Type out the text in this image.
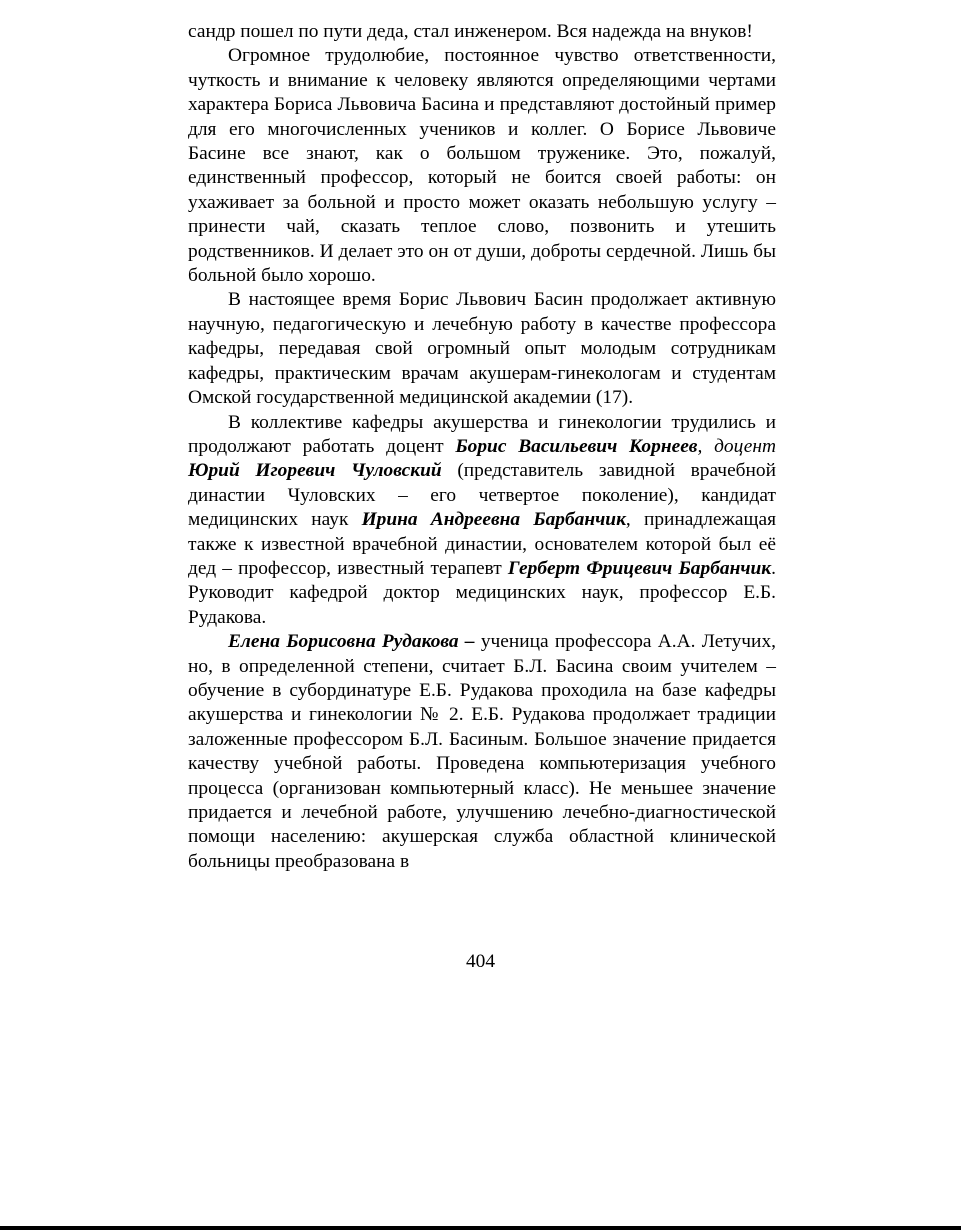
сандр пошел по пути деда, стал инженером. Вся надежда на внуков!

Огромное трудолюбие, постоянное чувство ответственности, чуткость и внимание к человеку являются определяющими чертами характера Бориса Львовича Басина и представляют достойный пример для его многочисленных учеников и коллег. О Борисе Львовиче Басине все знают, как о большом труженике. Это, пожалуй, единственный профессор, который не боится своей работы: он ухаживает за больной и просто может оказать небольшую услугу – принести чай, сказать теплое слово, позвонить и утешить родственников. И делает это он от души, доброты сердечной. Лишь бы больной было хорошо.

В настоящее время Борис Львович Басин продолжает активную научную, педагогическую и лечебную работу в качестве профессора кафедры, передавая свой огромный опыт молодым сотрудникам кафедры, практическим врачам акушерам-гинекологам и студентам Омской государственной медицинской академии (17).

В коллективе кафедры акушерства и гинекологии трудились и продолжают работать доцент Борис Васильевич Корнеев, доцент Юрий Игоревич Чуловский (представитель завидной врачебной династии Чуловских – его четвертое поколение), кандидат медицинских наук Ирина Андреевна Барбанчик, принадлежащая также к известной врачебной династии, основателем которой был её дед – профессор, известный терапевт Герберт Фрицевич Барбанчик. Руководит кафедрой доктор медицинских наук, профессор Е.Б. Рудакова.

Елена Борисовна Рудакова – ученица профессора А.А. Летучих, но, в определенной степени, считает Б.Л. Басина своим учителем – обучение в субординатуре Е.Б. Рудакова проходила на базе кафедры акушерства и гинекологии № 2. Е.Б. Рудакова продолжает традиции заложенные профессором Б.Л. Басиным. Большое значение придается качеству учебной работы. Проведена компьютеризация учебного процесса (организован компьютерный класс). Не меньшее значение придается и лечебной работе, улучшению лечебно-диагностической помощи населению: акушерская служба областной клинической больницы преобразована в

404
